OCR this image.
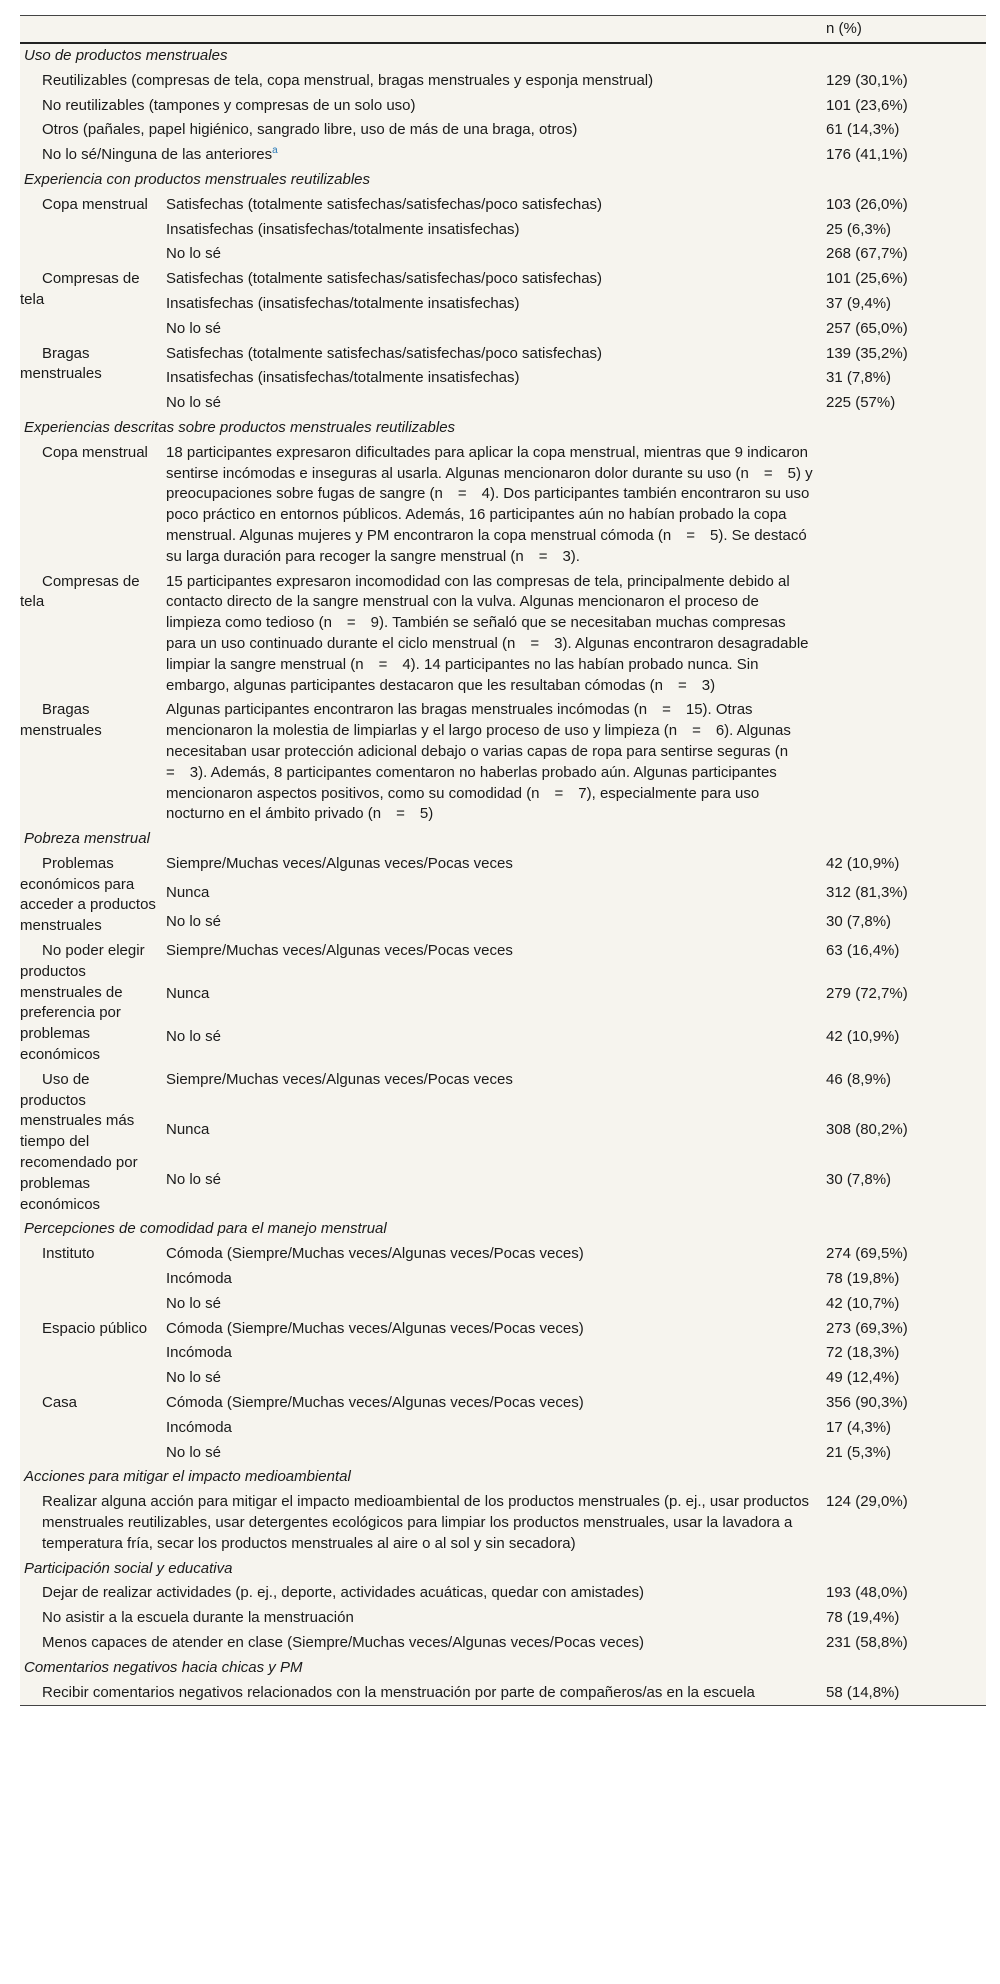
		n (%)
Uso de productos menstruales		
Reutilizables (compresas de tela, copa menstrual, bragas menstruales y esponja menstrual)		129 (30,1%)
No reutilizables (tampones y compresas de un solo uso)		101 (23,6%)
Otros (pañales, papel higiénico, sangrado libre, uso de más de una braga, otros)		61 (14,3%)
No lo sé/Ninguna de las anteriores$^a$		176 (41,1%)
Experiencia con productos menstruales reutilizables		
Copa menstrual	Satisfechas (totalmente satisfechas/satisfechas/poco satisfechas)	103 (26,0%)
	Insatisfechas (insatisfechas/totalmente insatisfechas)	25 (6,3%)
	No lo sé	268 (67,7%)
Compresas de tela	Satisfechas (totalmente satisfechas/satisfechas/poco satisfechas)	101 (25,6%)
	Insatisfechas (insatisfechas/totalmente insatisfechas)	37 (9,4%)
	No lo sé	257 (65,0%)
Bragas menstruales	Satisfechas (totalmente satisfechas/satisfechas/poco satisfechas)	139 (35,2%)
	Insatisfechas (insatisfechas/totalmente insatisfechas)	31 (7,8%)
	No lo sé	225 (57%)
Experiencias descritas sobre productos menstruales reutilizables		
Copa menstrual	18 participantes expresaron dificultades para aplicar la copa menstrual, mientras que 9 indicaron sentirse incómodas e inseguras al usarla. Algunas mencionaron dolor durante su uso (n = 5) y preocupaciones sobre fugas de sangre (n = 4). Dos participantes también encontraron su uso poco práctico en entornos públicos. Además, 16 participantes aún no habían probado la copa menstrual. Algunas mujeres y PM encontraron la copa menstrual cómoda (n = 5). Se destacó su larga duración para recoger la sangre menstrual (n = 3).	
Compresas de tela	15 participantes expresaron incomodidad con las compresas de tela, principalmente debido al contacto directo de la sangre menstrual con la vulva. Algunas mencionaron el proceso de limpieza como tedioso (n = 9). También se señaló que se necesitaban muchas compresas para un uso continuado durante el ciclo menstrual (n = 3). Algunas encontraron desagradable limpiar la sangre menstrual (n = 4). 14 participantes no las habían probado nunca. Sin embargo, algunas participantes destacaron que les resultaban cómodas (n = 3)	
Bragas menstruales	Algunas participantes encontraron las bragas menstruales incómodas (n = 15). Otras mencionaron la molestia de limpiarlas y el largo proceso de uso y limpieza (n = 6). Algunas necesitaban usar protección adicional debajo o varias capas de ropa para sentirse seguras (n = 3). Además, 8 participantes comentaron no haberlas probado aún. Algunas participantes mencionaron aspectos positivos, como su comodidad (n = 7), especialmente para uso nocturno en el ámbito privado (n = 5)	
Pobreza menstrual		
Problemas económicos para acceder a productos menstruales	Siempre/Muchas veces/Algunas veces/Pocas veces	42 (10,9%)
	Nunca	312 (81,3%)
	No lo sé	30 (7,8%)
No poder elegir productos menstruales de preferencia por problemas económicos	Siempre/Muchas veces/Algunas veces/Pocas veces	63 (16,4%)
	Nunca	279 (72,7%)
	No lo sé	42 (10,9%)
Uso de productos menstruales más tiempo del recomendado por problemas económicos	Siempre/Muchas veces/Algunas veces/Pocas veces	46 (8,9%)
	Nunca	308 (80,2%)
	No lo sé	30 (7,8%)
Percepciones de comodidad para el manejo menstrual		
Instituto	Cómoda (Siempre/Muchas veces/Algunas veces/Pocas veces)	274 (69,5%)
	Incómoda	78 (19,8%)
	No lo sé	42 (10,7%)
Espacio público	Cómoda (Siempre/Muchas veces/Algunas veces/Pocas veces)	273 (69,3%)
	Incómoda	72 (18,3%)
	No lo sé	49 (12,4%)
Casa	Cómoda (Siempre/Muchas veces/Algunas veces/Pocas veces)	356 (90,3%)
	Incómoda	17 (4,3%)
	No lo sé	21 (5,3%)
Acciones para mitigar el impacto medioambiental		
Realizar alguna acción para mitigar el impacto medioambiental de los productos menstruales (p. ej., usar productos menstruales reutilizables, usar detergentes ecológicos para limpiar los productos menstruales, usar la lavadora a temperatura fría, secar los productos menstruales al aire o al sol y sin secadora)		124 (29,0%)
Participación social y educativa		
Dejar de realizar actividades (p. ej., deporte, actividades acuáticas, quedar con amistades)		193 (48,0%)
No asistir a la escuela durante la menstruación		78 (19,4%)
Menos capaces de atender en clase (Siempre/Muchas veces/Algunas veces/Pocas veces)		231 (58,8%)
Comentarios negativos hacia chicas y PM		
Recibir comentarios negativos relacionados con la menstruación por parte de compañeros/as en la escuela		58 (14,8%)
